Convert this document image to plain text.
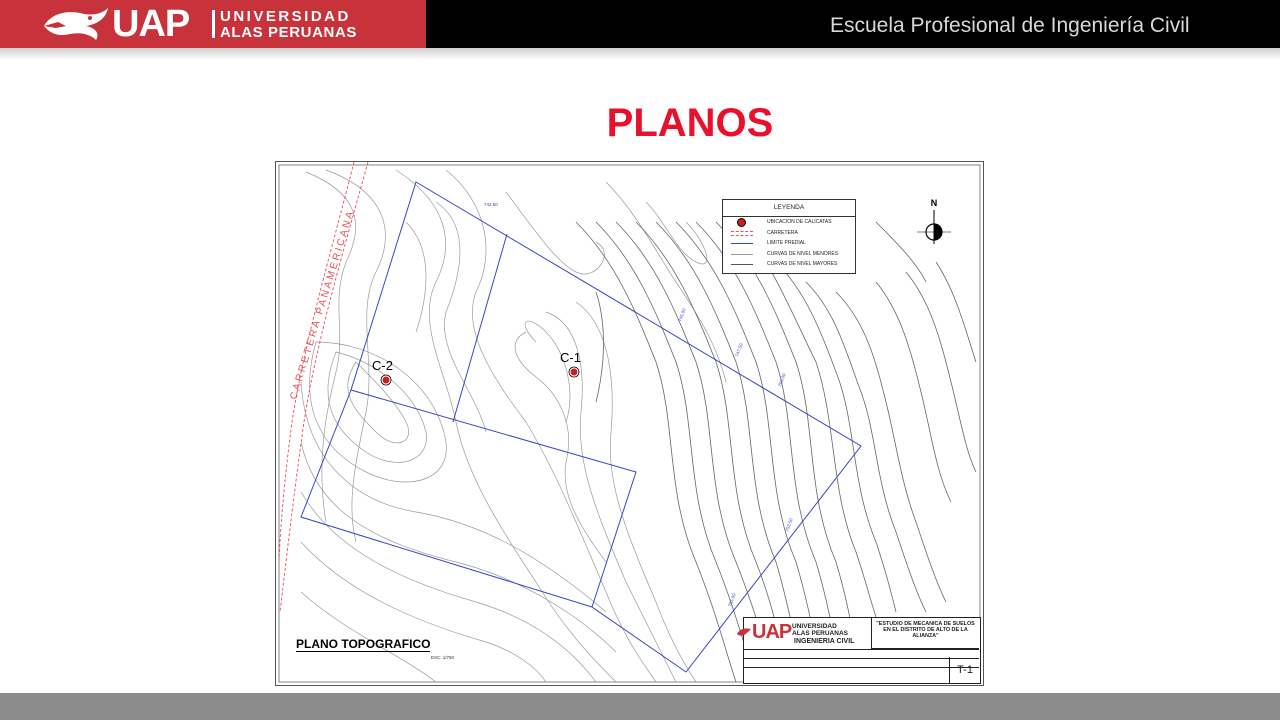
UAP UNIVERSIDAD
ALAS PERUANAS	Escuela Profesional de Ingeniería Civil
PLANOS
CARRETERA PANAMERICANA
742.50
745.00
747.50
750.00
752.50
755.00
C-1
C-2
N
LEYENDA
UBICACION DE CALICATAS
CARRETERA
LIMITE PREDIAL
CURVAS DE NIVEL MENORES
CURVAS DE NIVEL MAYORES
PLANO TOPOGRAFICO
ESC: 1/750
UAP UNIVERSIDAD
ALAS PERUANAS
INGENIERIA CIVIL
"ESTUDIO DE MECANICA DE SUELOS EN EL DISTRITO DE ALTO DE LA ALIANZA"
T-1
